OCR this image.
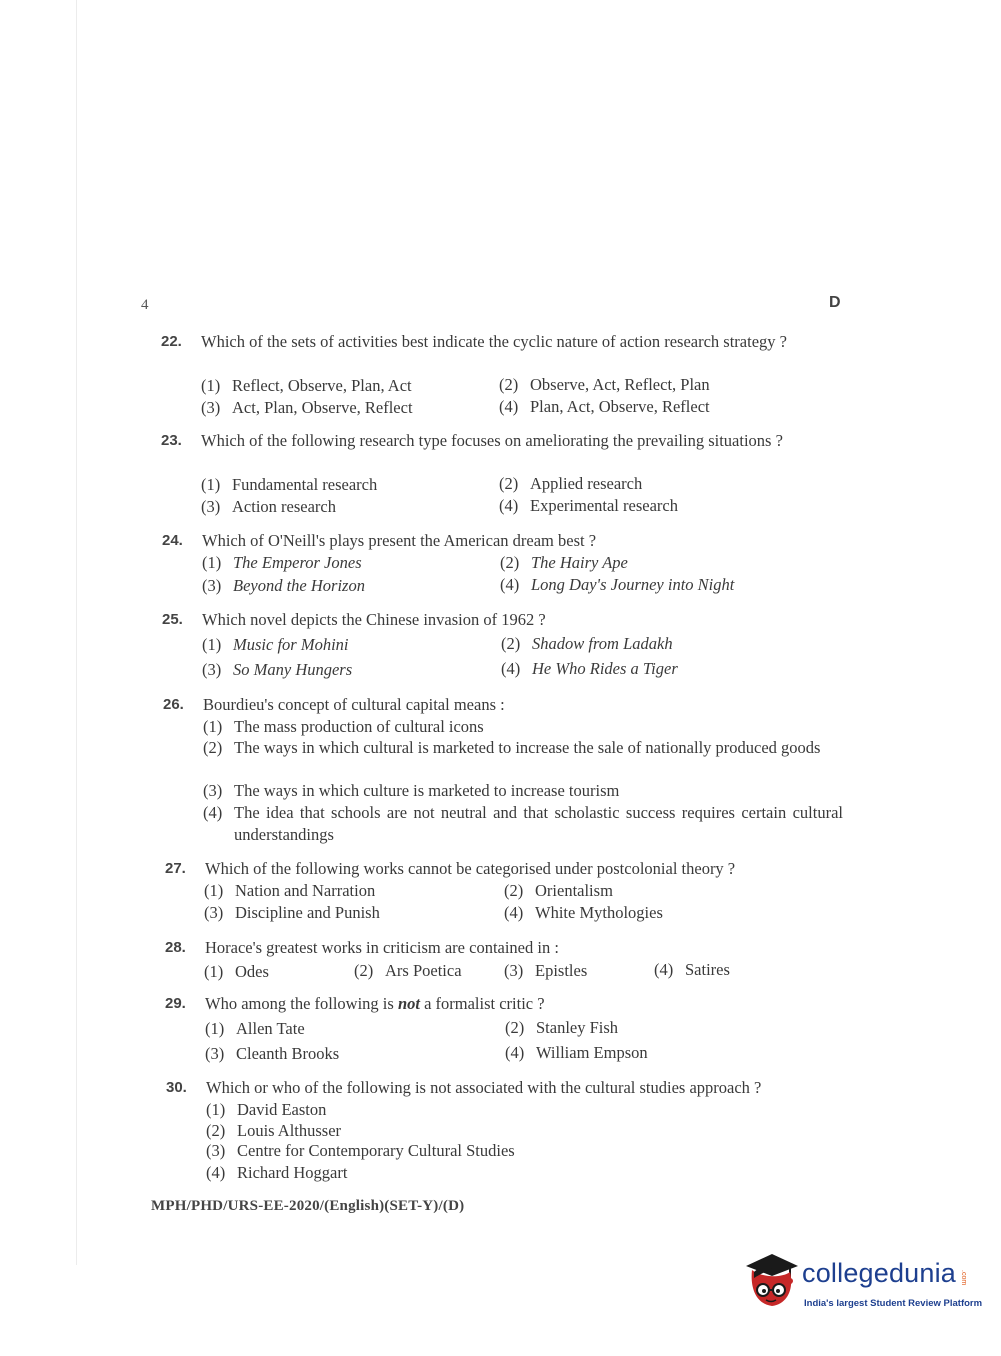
4	D
22. Which of the sets of activities best indicate the cyclic nature of action research strategy ?
(1) Reflect, Observe, Plan, Act	(2) Observe, Act, Reflect, Plan
(3) Act, Plan, Observe, Reflect	(4) Plan, Act, Observe, Reflect
23. Which of the following research type focuses on ameliorating the prevailing situations ?
(1) Fundamental research	(2) Applied research
(3) Action research	(4) Experimental research
24. Which of O'Neill's plays present the American dream best ?
(1) The Emperor Jones	(2) The Hairy Ape
(3) Beyond the Horizon	(4) Long Day's Journey into Night
25. Which novel depicts the Chinese invasion of 1962 ?
(1) Music for Mohini	(2) Shadow from Ladakh
(3) So Many Hungers	(4) He Who Rides a Tiger
26. Bourdieu's concept of cultural capital means :
(1) The mass production of cultural icons
(2) The ways in which cultural is marketed to increase the sale of nationally produced goods
(3) The ways in which culture is marketed to increase tourism
(4) The idea that schools are not neutral and that scholastic success requires certain cultural understandings
27. Which of the following works cannot be categorised under postcolonial theory ?
(1) Nation and Narration	(2) Orientalism
(3) Discipline and Punish	(4) White Mythologies
28. Horace's greatest works in criticism are contained in :
(1) Odes	(2) Ars Poetica	(3) Epistles	(4) Satires
29. Who among the following is not a formalist critic ?
(1) Allen Tate	(2) Stanley Fish
(3) Cleanth Brooks	(4) William Empson
30. Which or who of the following is not associated with the cultural studies approach ?
(1) David Easton
(2) Louis Althusser
(3) Centre for Contemporary Cultural Studies
(4) Richard Hoggart
MPH/PHD/URS-EE-2020/(English)(SET-Y)/(D)
collegedunia .com
India's largest Student Review Platform
